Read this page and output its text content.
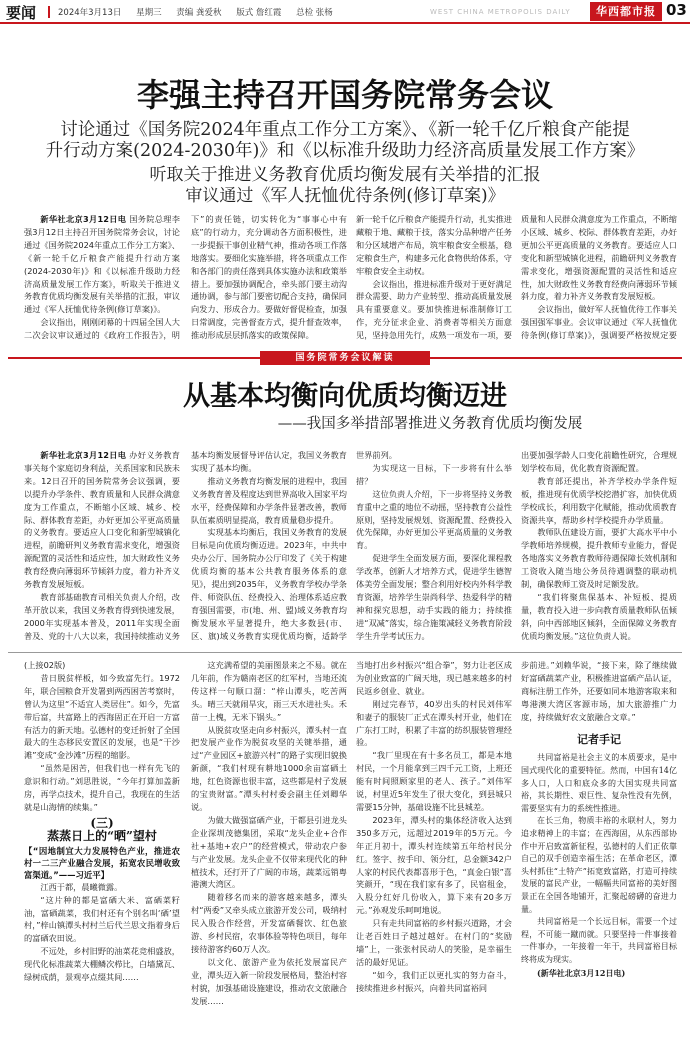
要闻	2024年3月13日 星期三 责编 龚爱秋 版式 詹红霞 总检 张杨	WEST CHINA METROPOLIS DAILY	华西都市报 03
李强主持召开国务院常务会议
讨论通过《国务院2024年重点工作分工方案》、《新一轮千亿斤粮食产能提
升行动方案(2024-2030年)》和《以标准升级助力经济高质量发展工作方案》
听取关于推进义务教育优质均衡发展有关举措的汇报
审议通过《军人抚恤优待条例(修订草案)》

新华社北京3月12日电 国务院总理李强3月12日主持召开国务院常务会议，讨论通过《国务院2024年重点工作分工方案》、《新一轮千亿斤粮食产能提升行动方案(2024-2030年)》和《以标准升级助力经济高质量发展工作方案》，听取关于推进义务教育优质均衡发展有关举措的汇报，审议通过《军人抚恤优待条例(修订草案)》。

会议指出，刚刚闭幕的十四届全国人大二次会议审议通过的《政府工作报告》，明

下”的责任链，切实转化为“事事心中有底”的行动力，充分调动各方面积极性，进一步提振干事创业精气神，推动各项工作落地落实。要细化实施举措，将各项重点工作和各部门的责任落到具体实施办法和政策举措上。要加强协调配合，牵头部门要主动沟通协调，参与部门要密切配合支持，确保同向发力、形成合力。要做好督促检查，加强日常调度，完善督查方式，提升督查效率，推动形成层层抓落实的政策保障。

新一轮千亿斤粮食产能提升行动，扎实推进藏粮于地、藏粮于技，落实分品种增产任务和分区域增产布局，筑牢粮食安全根基，稳定粮食生产，构建多元化食物供给体系，守牢粮食安全主动权。

会议指出，推进标准升级对于更好满足群众需要、助力产业转型、推动高质量发展具有重要意义。要加快推进标准制修订工作，充分征求企业、消费者等相关方面意见，坚持急用先行，成熟一项发布一项，要

质量和人民群众满意度为工作重点，不断缩小区域、城乡、校际、群体教育差距，办好更加公平更高质量的义务教育。要适应人口变化和新型城镇化进程，前瞻研判义务教育需求变化，增强资源配置的灵活性和适应性，加大财政性义务教育经费向薄弱环节倾斜力度，着力补齐义务教育发展短板。

会议指出，做好军人抚恤优待工作事关强国强军事业。会议审议通过《军人抚恤优待条例(修订草案)》，强调要严格按规定要

国务院常务会议解读
从基本均衡向优质均衡迈进
——我国多举措部署推进义务教育优质均衡发展

新华社北京3月12日电 办好义务教育事关每个家庭切身利益，关系国家和民族未来。12日召开的国务院常务会议强调，要以提升办学条件、教育质量和人民群众满意度为工作重点，不断缩小区域、城乡、校际、群体教育差距，办好更加公平更高质量的义务教育。要适应人口变化和新型城镇化进程，前瞻研判义务教育需求变化，增强资源配置的灵活性和适应性，加大财政性义务教育经费向薄弱环节倾斜力度，着力补齐义务教育发展短板。

教育部基础教育司相关负责人介绍，改革开放以来，我国义务教育得到快速发展，2000年实现基本普及，2011年实现全面普及、党的十八大以来，我国持续推动义务

基本均衡发展督导评估认定，我国义务教育实现了基本均衡。

推动义务教育均衡发展的进程中，我国义务教育普及程度达到世界高收入国家平均水平，经费保障和办学条件显著改善，教师队伍素质明显提高，教育质量稳步提升。

实现基本均衡后，我国义务教育的发展目标是向优质均衡迈进。2023年，中共中央办公厅、国务院办公厅印发了《关于构建优质均衡的基本公共教育服务体系的意见》，提出到2035年，义务教育学校办学条件、师资队伍、经费投入、治理体系适应教育强国需要，市(地、州、盟)域义务教育均衡发展水平显著提升，绝大多数县(市、区、旗)域义务教育实现优质均衡，适龄学

世界前列。

为实现这一目标，下一步将有什么举措？

这位负责人介绍，下一步将坚持义务教育重中之重的地位不动摇，坚持教育公益性原则，坚持发展规划、资源配置、经费投入优先保障，办好更加公平更高质量的义务教育。

促进学生全面发展方面，要深化课程教学改革，创新人才培养方式，促进学生德智体美劳全面发展；整合利用好校内外科学教育资源，培养学生崇尚科学、热爱科学的精神和探究思想，动手实践的能力；持续推进“双减”落实，综合施策减轻义务教育阶段学生升学考试压力。

出要加强学龄人口变化前瞻性研究，合理规划学校布局，优化教育资源配置。

教育部还提出，补齐学校办学条件短板，推进现有优质学校挖潜扩容，加快优质学校成长，利用数字化赋能，推动优质教育资源共享，帮助乡村学校提升办学质量。

教师队伍建设方面，要扩大高水平中小学教师培养规模，提升教师专业能力，督促各地落实义务教育教师待遇保障长效机制和工资收入随当地公务员待遇调整的联动机制，确保教师工资及时足额发放。

“我们将聚焦保基本、补短板、提质量，教育投入进一步向教育质量教师队伍倾斜，向中西部地区倾斜，全面保障义务教育优质均衡发展。”这位负责人说。

(上接02版)

昔日脱贫样板，如今致富先行。1972年，联合国粮食开发署到两西困苦考察时，曾认为这里“不适宜人类居住”。如今，先富带后富，共富路上的西海固正在开启一方富有活力的新天地。弘德村的变迁折射了全国最大的生态移民安置区的发展，也是“干沙滩”变成“金沙滩”历程的缩影。

“虽然是困苦，但我们也一样有先飞的意识和行动。”刘思胜说，“今年打算加盖新房，再学点技术，提升自己，我现在的生活就是山海情的续集。”

(三)
蒸蒸日上的“晒”望村
【“因地制宜大力发展特色产业，推进农村一二三产业融合发展，拓宽农民增收致富渠道。”——习近平】

江西于都，晨曦微露。

“这片种的都是富硒大米、富硒菜籽油，富硒蔬菜，我们村还有个别名叫‘硒’望村，”梓山镇潭头村村兰后代兰思文指着身后的富硒农田说。

不远处，乡村旧野的油菜花竞相盛放，现代化标准蔬菜大棚鳞次栉比，白墙黛瓦、绿树成荫，景观亭点缀其间……

这充满希望的美丽图景来之不易。就在几年前，作为赣南老区的红军村，当地还流传这样一句顺口溜：“梓山潭头，吃苦两头。晴三天就闹旱灾，雨三天水进社头。禾苗一上槐，无米下锅头。”

从脱贫攻坚走向乡村振兴，潭头村一直把发展产业作为脱贫攻坚的关键举措，通过“产业园区+旅游兴村”的路子实现旧貌换新颜，“我们村现有耕地1000余亩富硒土地，红色资源也很丰富，这些都是村子发展的宝贵财富。”潭头村村委会副主任刘卿华说。

为做大做强富硒产业，于都县引进龙头企业深圳茂德集团，采取“龙头企业+合作社+基地+农户”的经营模式，带动农户参与产业发展。龙头企业不仅带来现代化的种植技术，还打开了广阔的市场，蔬菜远销粤港澳大湾区。

随着移名而来的游客越来越多，潭头村“两委”又牵头成立旅游开发公司，吸纳村民入股合作经营，开发富硒餐饮、红色旅游、乡村民宿，农事体验等特色项目，每年接待游客约60万人次。

以文化、旅游产业为依托发展富民产业，潭头迈入新一阶段发展格局，整治村容村貌，加强基础设施建设，推动农文旅融合发展……

当地打出乡村振兴“组合拳”，努力让老区成为创业致富的广阔天地，现已越来越多的村民返乡创业、就业。

刚过完春节，40岁出头的村民刘伟军和妻子的服装厂正式在潭头村开业，他们在广东打工时，积累了丰富的纺织服装管理经验。

“我厂里现在有十多名员工，都是本地村民，一个月能拿到三四千元工资，上班还能有时间照顾家里的老人、孩子。”刘伟军说，村里近5年发生了很大变化，到县城只需要15分钟，基础设施不比县城差。

2023年，潭头村的集体经济收入达到350多万元，远超过2019年的5万元。今年正月初十，潭头村连续第五年给村民分红。签字、按手印、领分红，总金额342户人家的村民代表都喜形于色，“真金白银”喜笑颜开，“现在我们家有多了，民宿租金，入股分红好几份收入，算下来有20多万元。”孙观发乐呵呵地说。

只有走共同富裕的乡村振兴道路，才会让老百姓日子越过越好。在村门的“奖励墙”上，一张张村民动人的笑脸，是幸福生活的最好见证。

“如今，我们正以更扎实的努力奋斗，接续推进乡村振兴，向着共同富裕同

步前进。”刘赖华说，“接下来，除了继续做好富硒蔬菜产业，积极推进富硒产品认证，商标注册工作外，还要如同本地游客取来和粤港澳大湾区客源市场，加大旅游推广力度，持续做好农文旅融合文章。”

记者手记

共同富裕是社会主义的本质要求，是中国式现代化的重要特征。然而，中国有14亿多人口，人口和底众多的大国实现共同富裕，其长期性、艰巨性、复杂性没有先例，需要坚实有力的系统性推进。

在长三角，物质丰裕的永联村人，努力追求精神上的丰富；在西海固，从东西部协作中开启致富新征程，弘德村的人们正依靠自己的双手创造幸福生活；在革命老区，潭头村抓住“土特产”拓宽致富路，打造可持续发展的富民产业，一幅幅共同富裕的美好图景正在全国各地铺开，汇聚起磅礴的奋进力量。

共同富裕是一个长远目标，需要一个过程，不可能一蹴而就。只要坚持一件事接着一件事办，一年接着一年干，共同富裕目标终将成为现实。

(新华社北京3月12日电)
